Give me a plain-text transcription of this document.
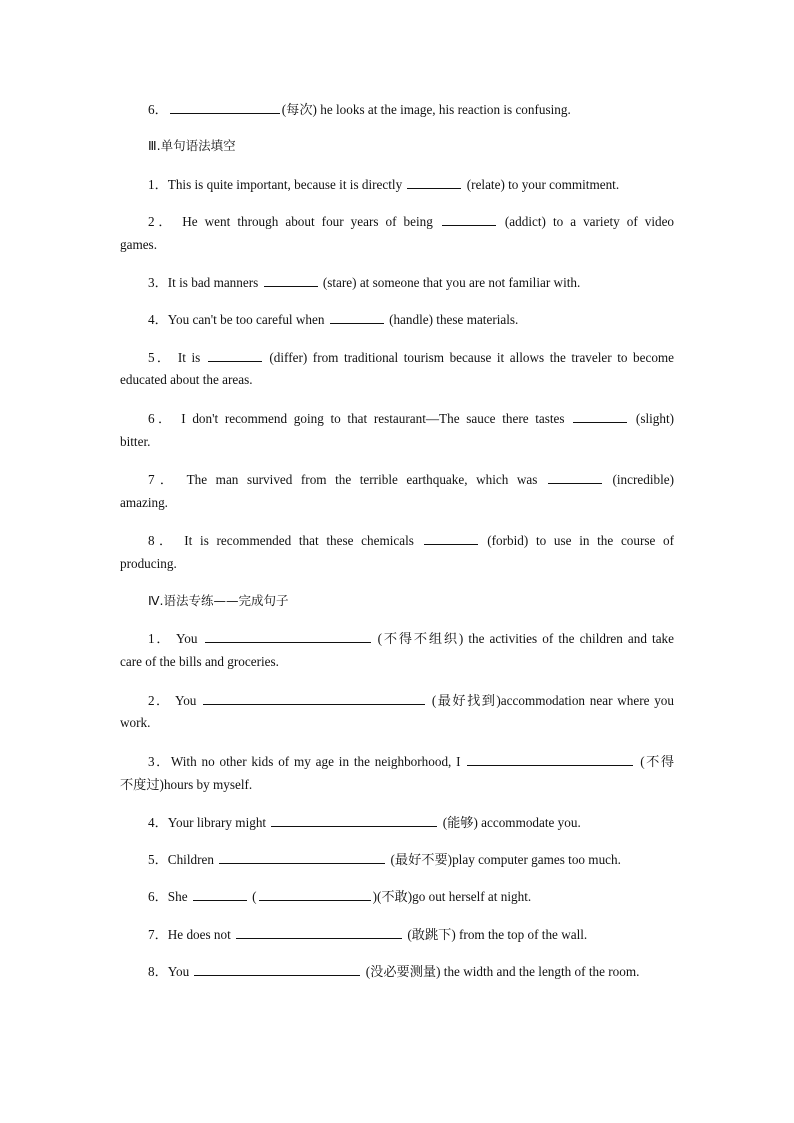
6．	(每次) he looks at the image, his reaction is confusing.
Ⅲ.单句语法填空
1．This is quite important, because it is directly	(relate) to your commitment.
2． He went through about four years of being	(addict) to a variety of video
games.
3．It is bad manners	(stare) at someone that you are not familiar with.
4．You can't be too careful when	(handle) these materials.
5． It is	(differ) from traditional tourism because it allows the traveler to become
educated about the areas.
6． I don't recommend going to that restaurant—The sauce there tastes	(slight)
bitter.
7． The man survived from the terrible earthquake, which was	(incredible)
amazing.
8． It is recommended that these chemicals	(forbid) to use in the course of
producing.
Ⅳ.语法专练——完成句子
1． You	(不得不组织) the activities of the children and take
care of the bills and groceries.
2． You	(最好找到)accommodation near where you
work.
3．With no other kids of my age in the neighborhood, I	(不得
不度过)hours by myself.
4．Your library might	(能够) accommodate you.
5．Children	(最好不要)play computer games too much.
6．She	(	)(不敢)go out herself at night.
7．He does not	(敢跳下) from the top of the wall.
8．You	(没必要测量) the width and the length of the room.
